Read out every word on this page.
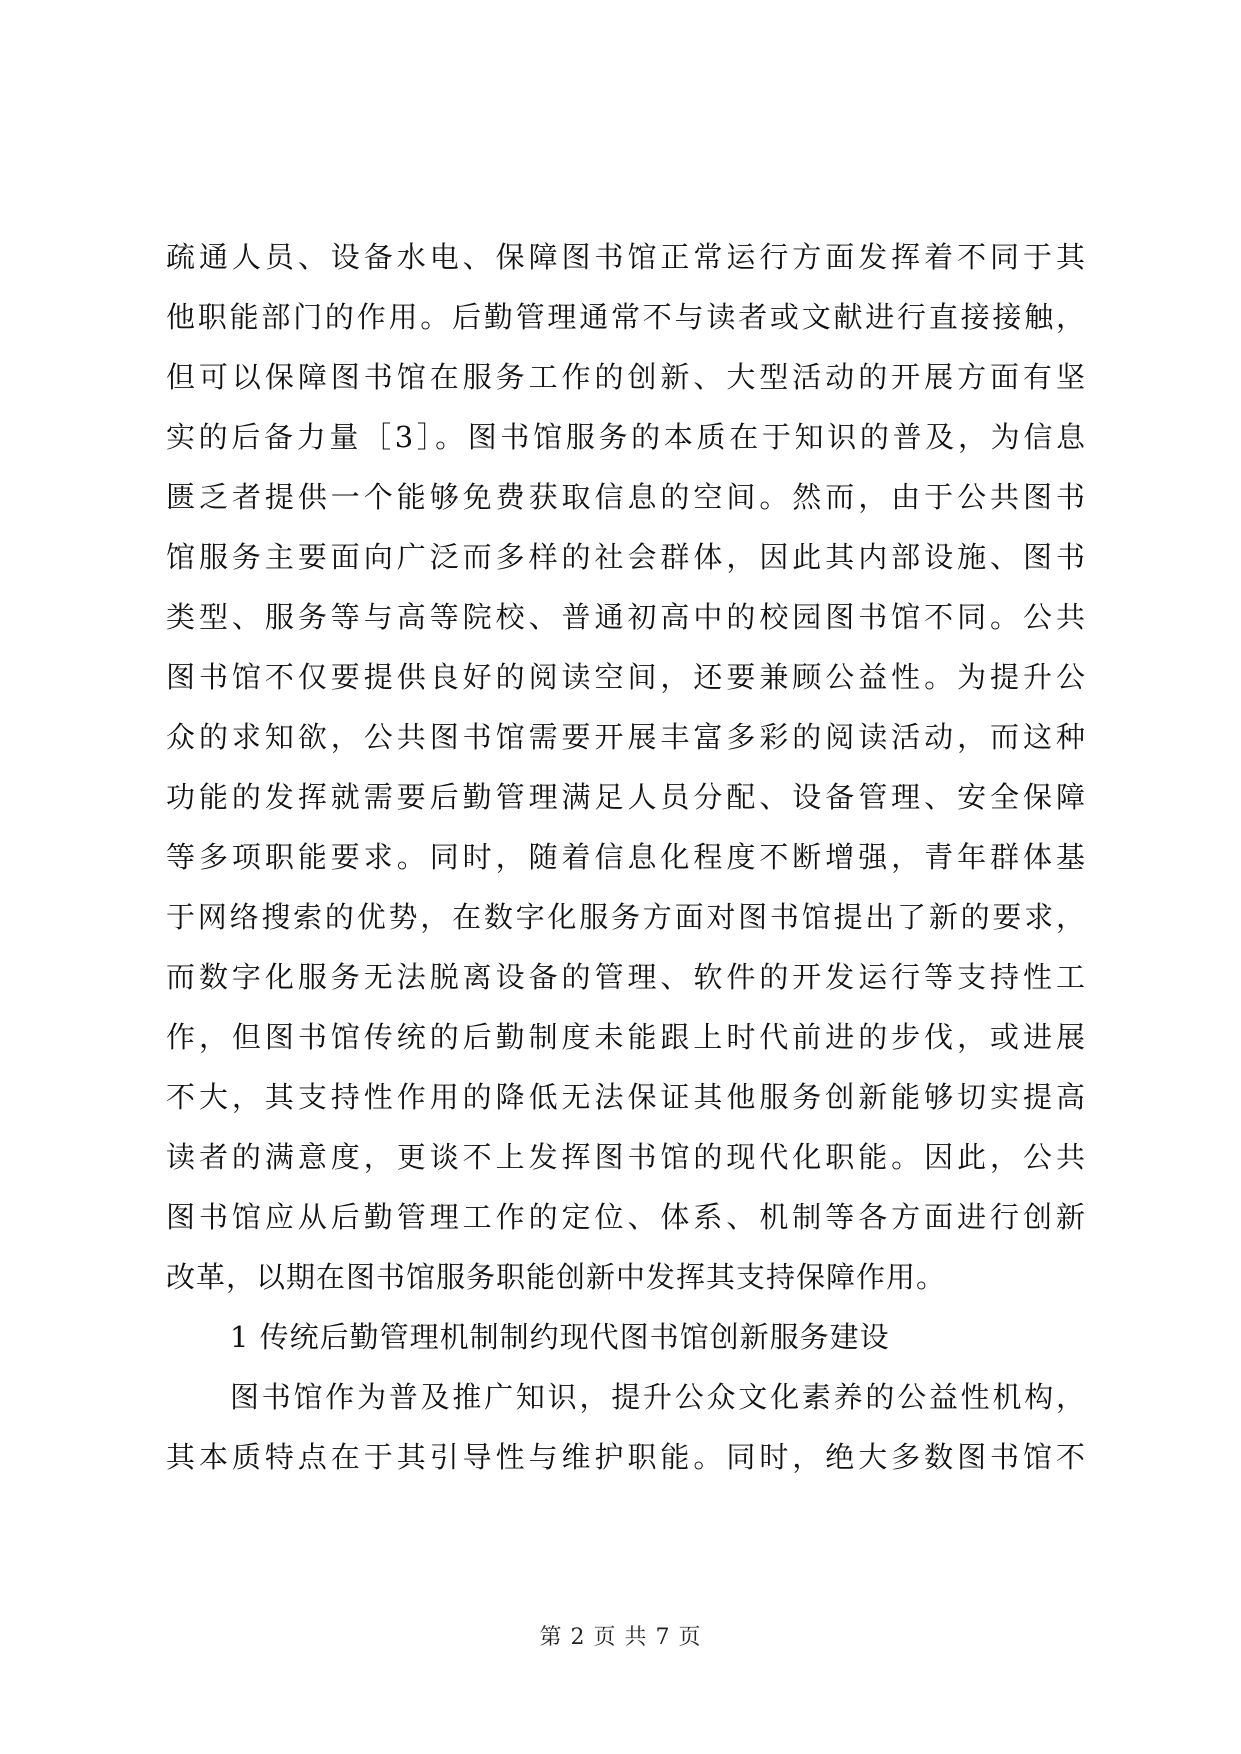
疏通人员、设备水电、保障图书馆正常运行方面发挥着不同于其
他职能部门的作用。后勤管理通常不与读者或文献进行直接接触，
但可以保障图书馆在服务工作的创新、大型活动的开展方面有坚
实的后备力量［3］。图书馆服务的本质在于知识的普及，为信息
匮乏者提供一个能够免费获取信息的空间。然而，由于公共图书
馆服务主要面向广泛而多样的社会群体，因此其内部设施、图书
类型、服务等与高等院校、普通初高中的校园图书馆不同。公共
图书馆不仅要提供良好的阅读空间，还要兼顾公益性。为提升公
众的求知欲，公共图书馆需要开展丰富多彩的阅读活动，而这种
功能的发挥就需要后勤管理满足人员分配、设备管理、安全保障
等多项职能要求。同时，随着信息化程度不断增强，青年群体基
于网络搜索的优势，在数字化服务方面对图书馆提出了新的要求，
而数字化服务无法脱离设备的管理、软件的开发运行等支持性工
作，但图书馆传统的后勤制度未能跟上时代前进的步伐，或进展
不大，其支持性作用的降低无法保证其他服务创新能够切实提高
读者的满意度，更谈不上发挥图书馆的现代化职能。因此，公共
图书馆应从后勤管理工作的定位、体系、机制等各方面进行创新
改革，以期在图书馆服务职能创新中发挥其支持保障作用。
1 传统后勤管理机制制约现代图书馆创新服务建设
图书馆作为普及推广知识，提升公众文化素养的公益性机构，
其本质特点在于其引导性与维护职能。同时，绝大多数图书馆不
第 2 页 共 7 页
